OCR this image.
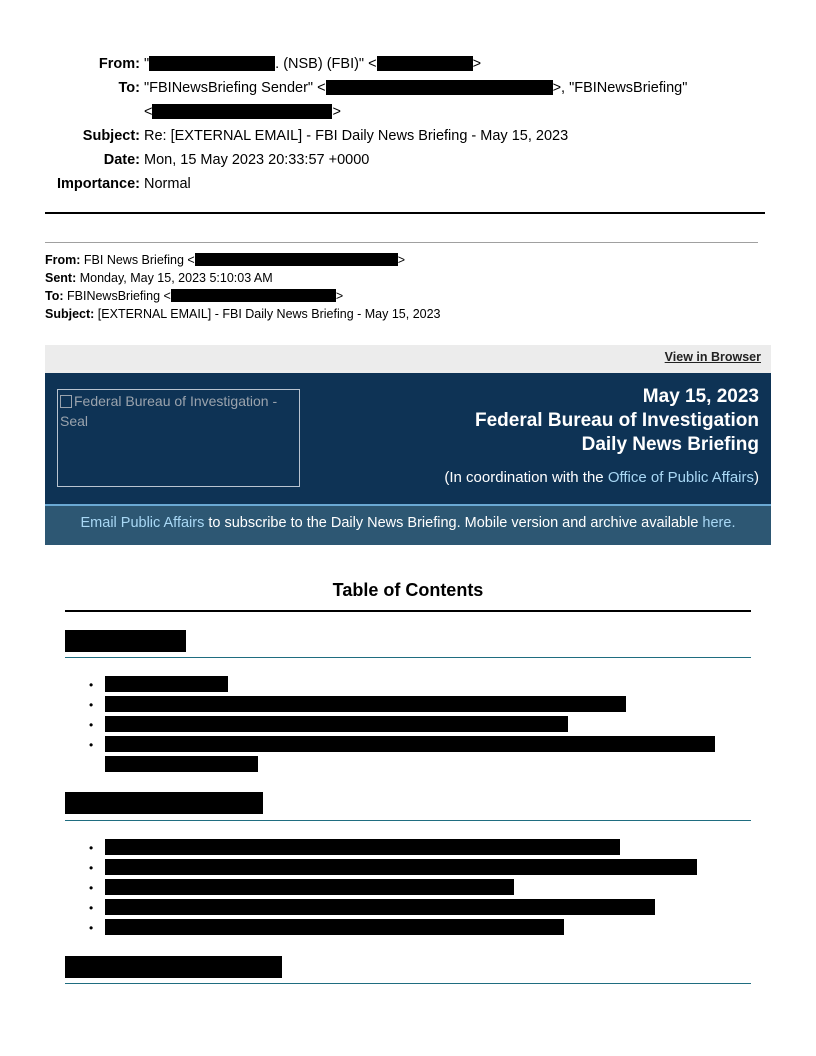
From: "	. (NSB) (FBI)" <	>
To: "FBINewsBriefing Sender" <	>, "FBINewsBriefing"
<	>
Subject: Re: [EXTERNAL EMAIL] - FBI Daily News Briefing - May 15, 2023
Date: Mon, 15 May 2023 20:33:57 +0000
Importance: Normal
From: FBI News Briefing <	>
Sent: Monday, May 15, 2023 5:10:03 AM
To: FBINewsBriefing <	>
Subject: [EXTERNAL EMAIL] - FBI Daily News Briefing - May 15, 2023
View in Browser
Federal Bureau of Investigation - Seal
May 15, 2023
Federal Bureau of Investigation
Daily News Briefing
(In coordination with the Office of Public Affairs)
Email Public Affairs to subscribe to the Daily News Briefing. Mobile version and archive available here.
Table of Contents
•
•
•
•
•
•
•
•
•
